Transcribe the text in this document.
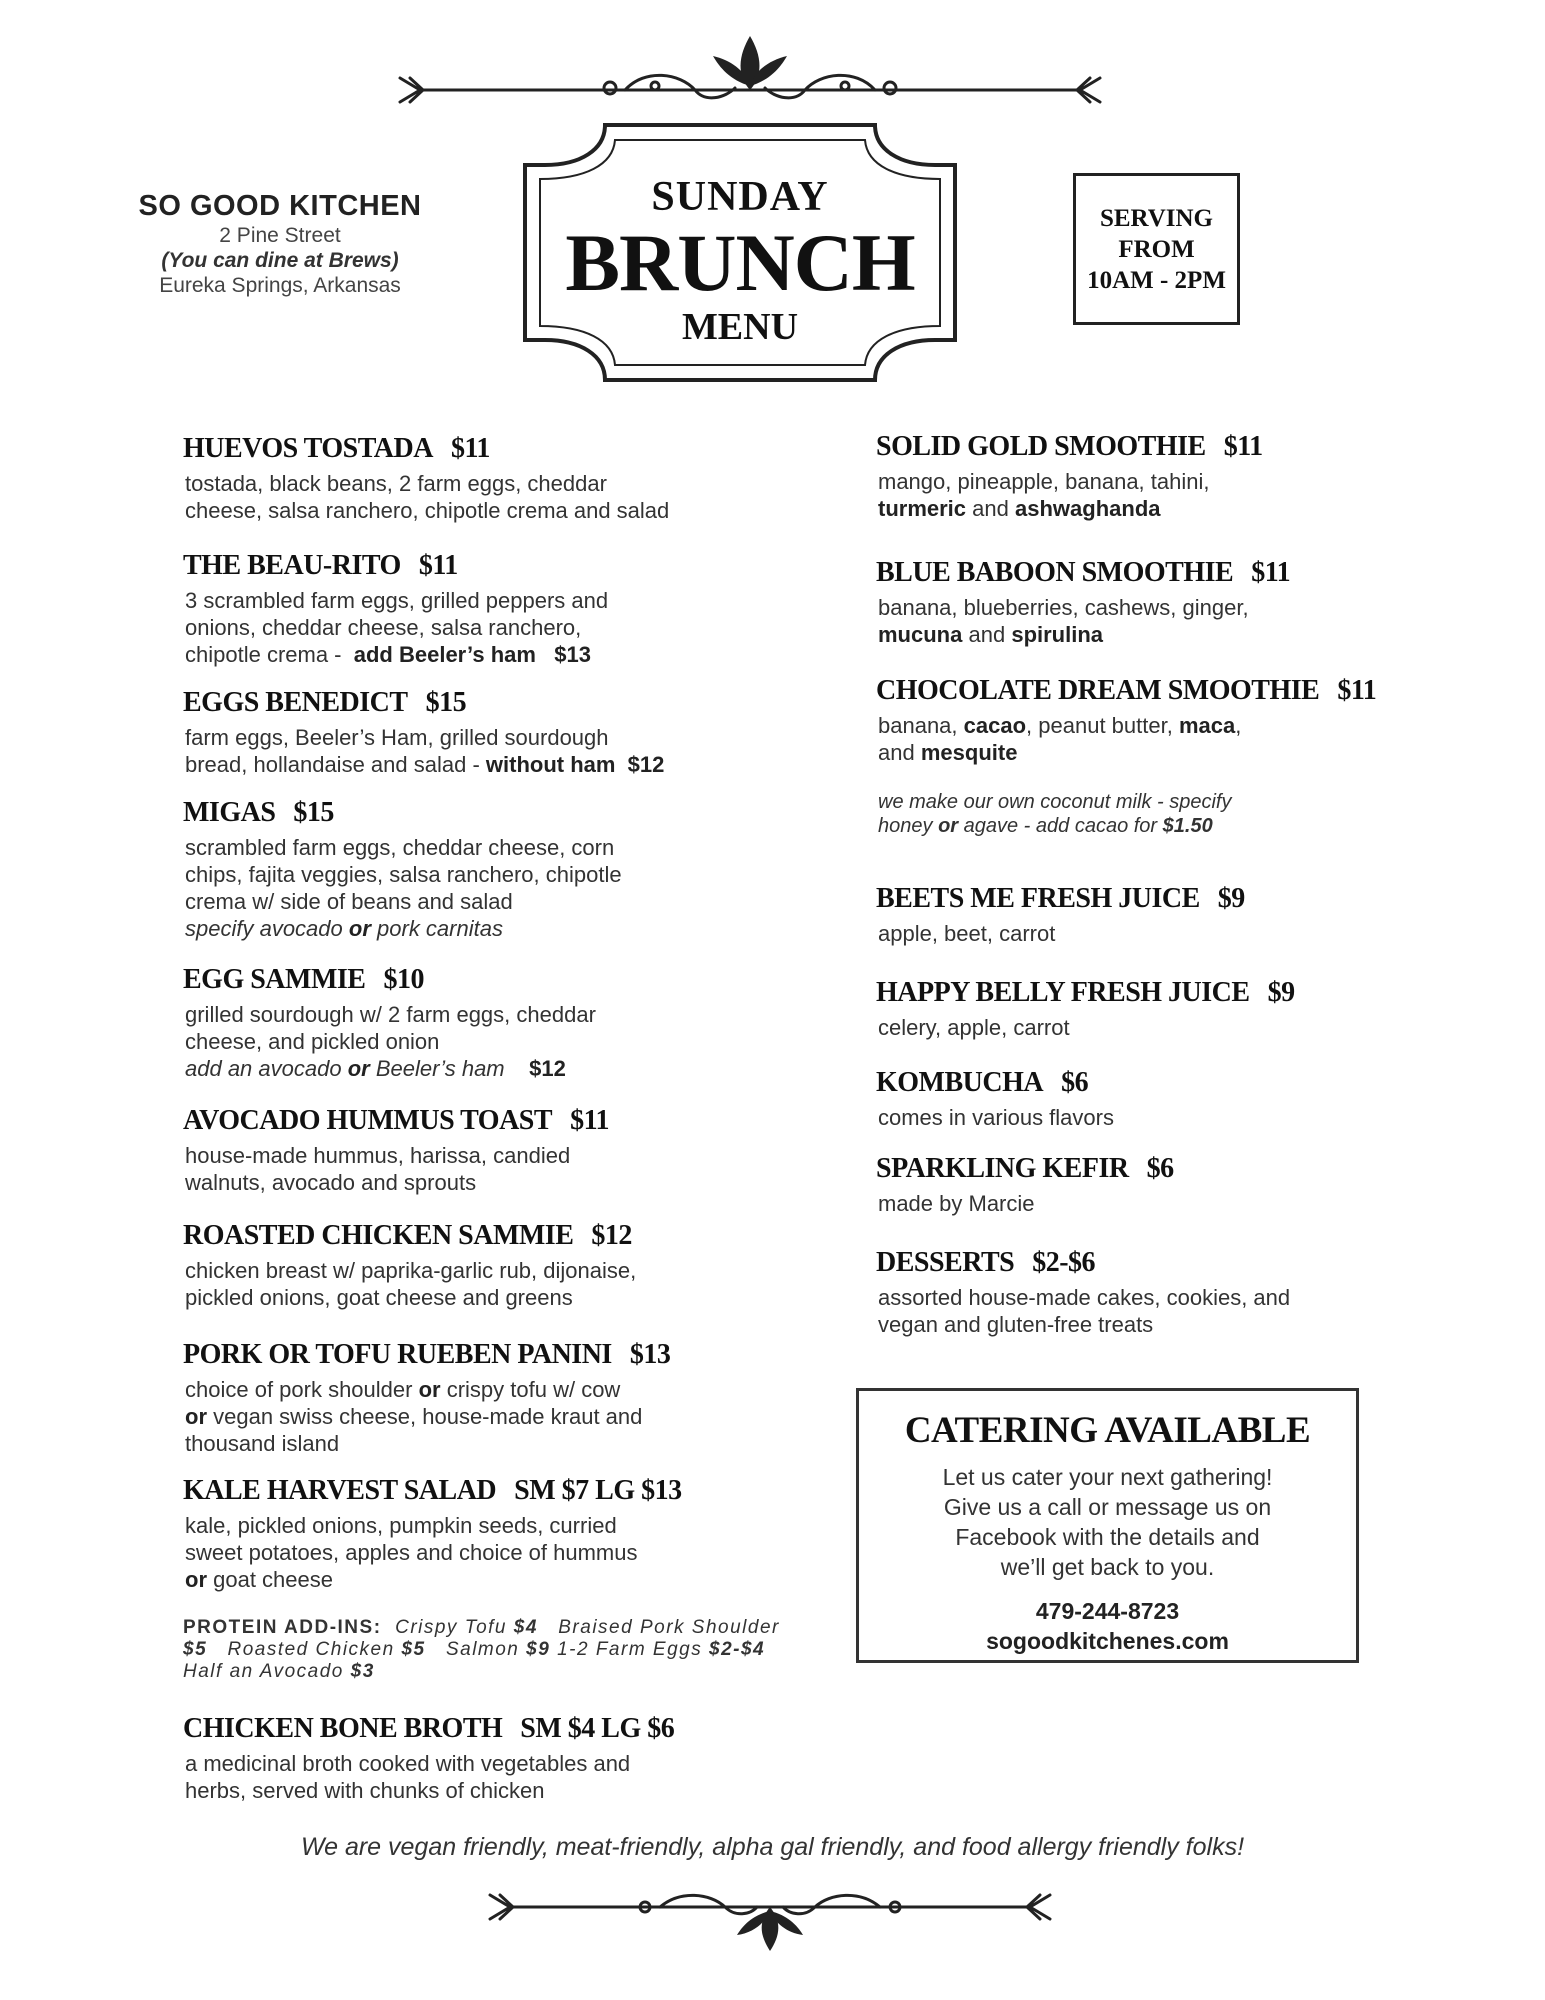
SO GOOD KITCHEN
2 Pine Street
(You can dine at Brews)
Eureka Springs, Arkansas
SUNDAY
BRUNCH
MENU
SERVING
FROM
10AM - 2PM

HUEVOS TOSTADA $11

tostada, black beans, 2 farm eggs, cheddar
cheese, salsa ranchero, chipotle crema and salad

THE BEAU-RITO $11

3 scrambled farm eggs, grilled peppers and
onions, cheddar cheese, salsa ranchero,
chipotle crema - add Beeler’s ham $13

EGGS BENEDICT $15

farm eggs, Beeler’s Ham, grilled sourdough
bread, hollandaise and salad - without ham $12

MIGAS $15

scrambled farm eggs, cheddar cheese, corn
chips, fajita veggies, salsa ranchero, chipotle
crema w/ side of beans and salad
specify avocado or pork carnitas

EGG SAMMIE $10

grilled sourdough w/ 2 farm eggs, cheddar
cheese, and pickled onion
add an avocado or Beeler’s ham $12

AVOCADO HUMMUS TOAST $11

house-made hummus, harissa, candied
walnuts, avocado and sprouts

ROASTED CHICKEN SAMMIE $12

chicken breast w/ paprika-garlic rub, dijonaise,
pickled onions, goat cheese and greens

PORK OR TOFU RUEBEN PANINI $13

choice of pork shoulder or crispy tofu w/ cow
or vegan swiss cheese, house-made kraut and
thousand island

KALE HARVEST SALAD SM $7 LG $13

kale, pickled onions, pumpkin seeds, curried
sweet potatoes, apples and choice of hummus
or goat cheese
PROTEIN ADD-INS: Crispy Tofu $4 Braised Pork Shoulder $5 Roasted Chicken $5 Salmon $9 1-2 Farm Eggs $2-$4   Half an Avocado $3

CHICKEN BONE BROTH SM $4 LG $6

a medicinal broth cooked with vegetables and
herbs, served with chunks of chicken

SOLID GOLD SMOOTHIE $11

mango, pineapple, banana, tahini,
turmeric and ashwaghanda

BLUE BABOON SMOOTHIE $11

banana, blueberries, cashews, ginger,
mucuna and spirulina

CHOCOLATE DREAM SMOOTHIE $11

banana, cacao, peanut butter, maca,
and mesquite
we make our own coconut milk - specify
honey or agave - add cacao for $1.50

BEETS ME FRESH JUICE $9

apple, beet, carrot

HAPPY BELLY FRESH JUICE $9

celery, apple, carrot

KOMBUCHA $6

comes in various flavors

SPARKLING KEFIR $6

made by Marcie

DESSERTS $2-$6

assorted house-made cakes, cookies, and
vegan and gluten-free treats
CATERING AVAILABLE
Let us cater your next gathering!
Give us a call or message us on
Facebook with the details and
we’ll get back to you.
479-244-8723
sogoodkitchenes.com
We are vegan friendly, meat-friendly, alpha gal friendly, and food allergy friendly folks!
